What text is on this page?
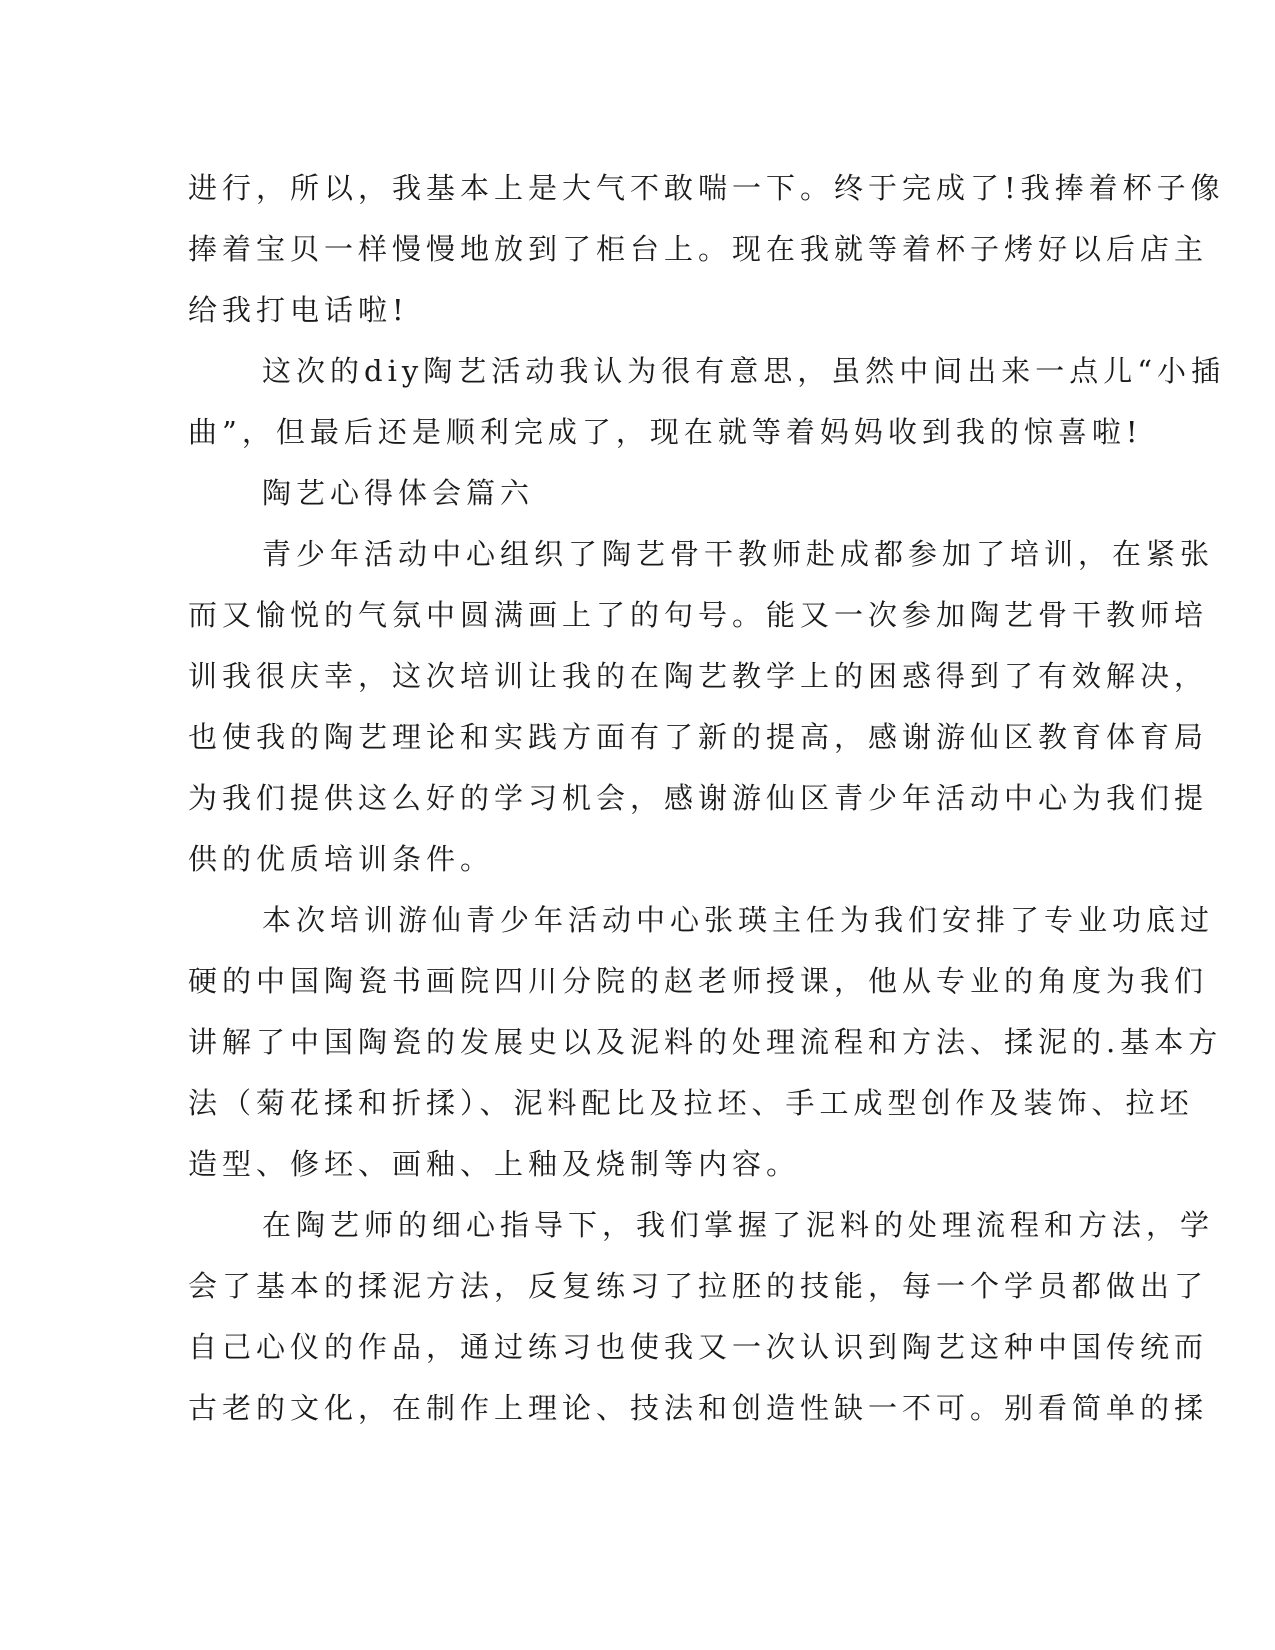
进行，所以，我基本上是大气不敢喘一下。终于完成了!我捧着杯子像

捧着宝贝一样慢慢地放到了柜台上。现在我就等着杯子烤好以后店主

给我打电话啦!

这次的diy陶艺活动我认为很有意思，虽然中间出来一点儿“小插

曲”，但最后还是顺利完成了，现在就等着妈妈收到我的惊喜啦!

陶艺心得体会篇六

青少年活动中心组织了陶艺骨干教师赴成都参加了培训，在紧张

而又愉悦的气氛中圆满画上了的句号。能又一次参加陶艺骨干教师培

训我很庆幸，这次培训让我的在陶艺教学上的困惑得到了有效解决，

也使我的陶艺理论和实践方面有了新的提高，感谢游仙区教育体育局

为我们提供这么好的学习机会，感谢游仙区青少年活动中心为我们提

供的优质培训条件。

本次培训游仙青少年活动中心张瑛主任为我们安排了专业功底过

硬的中国陶瓷书画院四川分院的赵老师授课，他从专业的角度为我们

讲解了中国陶瓷的发展史以及泥料的处理流程和方法、揉泥的.基本方

法（菊花揉和折揉）、泥料配比及拉坯、手工成型创作及装饰、拉坯

造型、修坯、画釉、上釉及烧制等内容。

在陶艺师的细心指导下，我们掌握了泥料的处理流程和方法，学

会了基本的揉泥方法，反复练习了拉胚的技能，每一个学员都做出了

自己心仪的作品，通过练习也使我又一次认识到陶艺这种中国传统而

古老的文化，在制作上理论、技法和创造性缺一不可。别看简单的揉
